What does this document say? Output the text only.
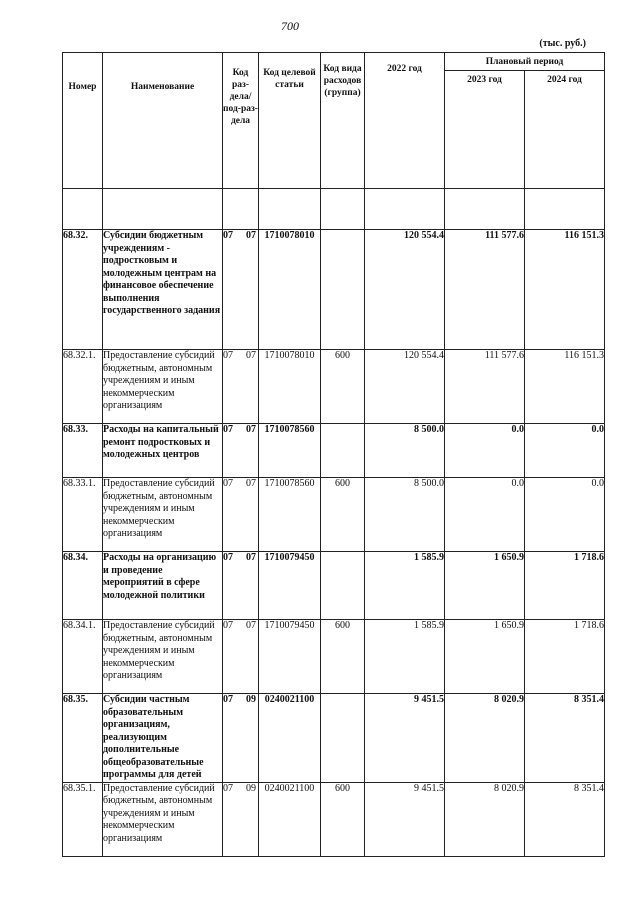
700
(тыс. руб.)
Номер	Наименование	Код раз-дела/ под-раз-дела	Код целевой статьи	Код вида расходов (группа)	2022 год	Плановый период	
						2023 год	2024 год

68.32.	Субсидии бюджетным учреждениям - подростковым и молодежным центрам на финансовое обеспечение выполнения государственного задания	07 07	1710078010		120 554.4	111 577.6	116 151.3
68.32.1.	Предоставление субсидий бюджетным, автономным учреждениям и иным некоммерческим организациям	07 07	1710078010	600	120 554.4	111 577.6	116 151.3
68.33.	Расходы на капитальный ремонт подростковых и молодежных центров	07 07	1710078560		8 500.0	0.0	0.0
68.33.1.	Предоставление субсидий бюджетным, автономным учреждениям и иным некоммерческим организациям	07 07	1710078560	600	8 500.0	0.0	0.0
68.34.	Расходы на организацию и проведение мероприятий в сфере молодежной политики	07 07	1710079450		1 585.9	1 650.9	1 718.6
68.34.1.	Предоставление субсидий бюджетным, автономным учреждениям и иным некоммерческим организациям	07 07	1710079450	600	1 585.9	1 650.9	1 718.6
68.35.	Субсидии частным образовательным организациям, реализующим дополнительные общеобразовательные программы для детей	07 09	0240021100		9 451.5	8 020.9	8 351.4
68.35.1.	Предоставление субсидий бюджетным, автономным учреждениям и иным некоммерческим организациям	07 09	0240021100	600	9 451.5	8 020.9	8 351.4
